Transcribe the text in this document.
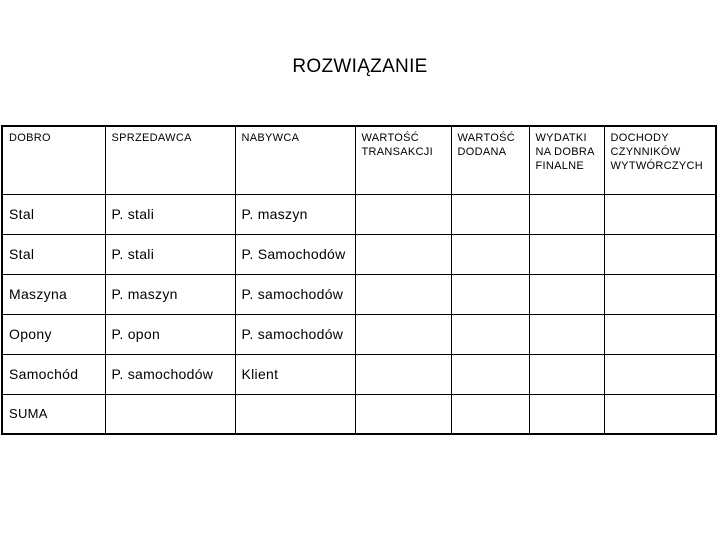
ROZWIĄZANIE
DOBRO	SPRZEDAWCA	NABYWCA	WARTOŚĆ TRANSAKCJI	WARTOŚĆ DODANA	WYDATKI NA DOBRA FINALNE	DOCHODY CZYNNIKÓW WYTWÓRCZYCH
Stal	P. stali	P. maszyn				
Stal	P. stali	P. Samochodów				
Maszyna	P. maszyn	P. samochodów				
Opony	P. opon	P. samochodów				
Samochód	P. samochodów	Klient				
SUMA						
